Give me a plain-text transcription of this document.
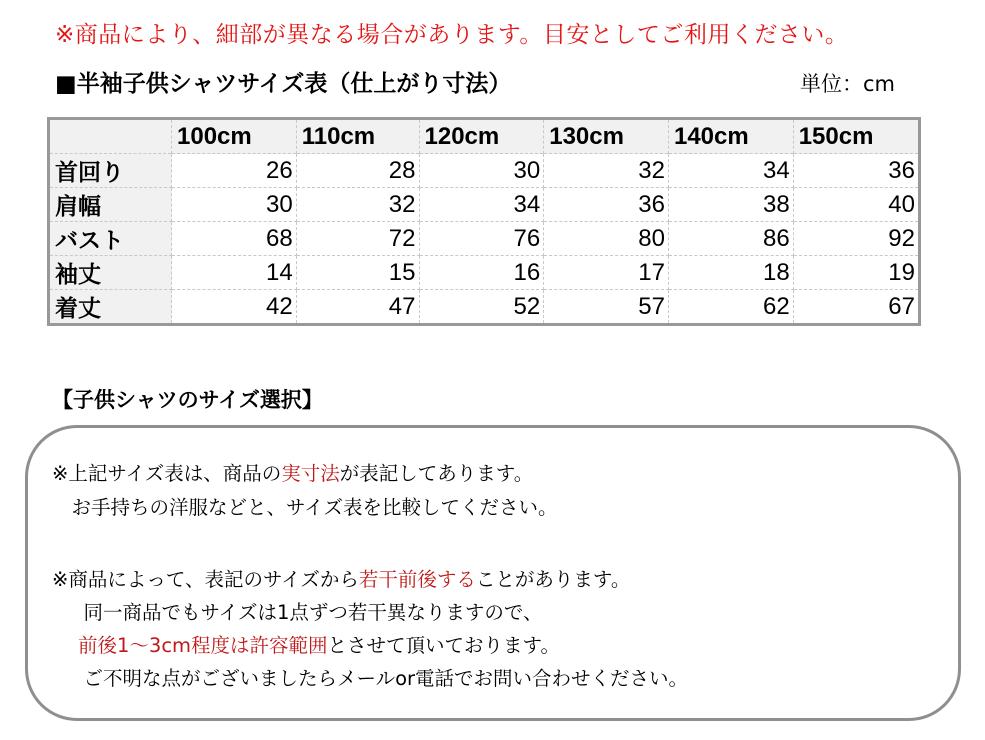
※商品により、細部が異なる場合があります。目安としてご利用ください。
■半袖子供シャツサイズ表（仕上がり寸法）	単位：cm
	100cm	110cm	120cm	130cm	140cm	150cm
首回り	26	28	30	32	34	36
肩幅	30	32	34	36	38	40
バスト	68	72	76	80	86	92
袖丈	14	15	16	17	18	19
着丈	42	47	52	57	62	67
【子供シャツのサイズ選択】
※上記サイズ表は、商品の実寸法が表記してあります。
　お手持ちの洋服などと、サイズ表を比較してください。
※商品によって、表記のサイズから若干前後することがあります。
　同一商品でもサイズは1点ずつ若干異なりますので、
前後1～3cm程度は許容範囲とさせて頂いております。
　ご不明な点がございましたらメールor電話でお問い合わせください。
